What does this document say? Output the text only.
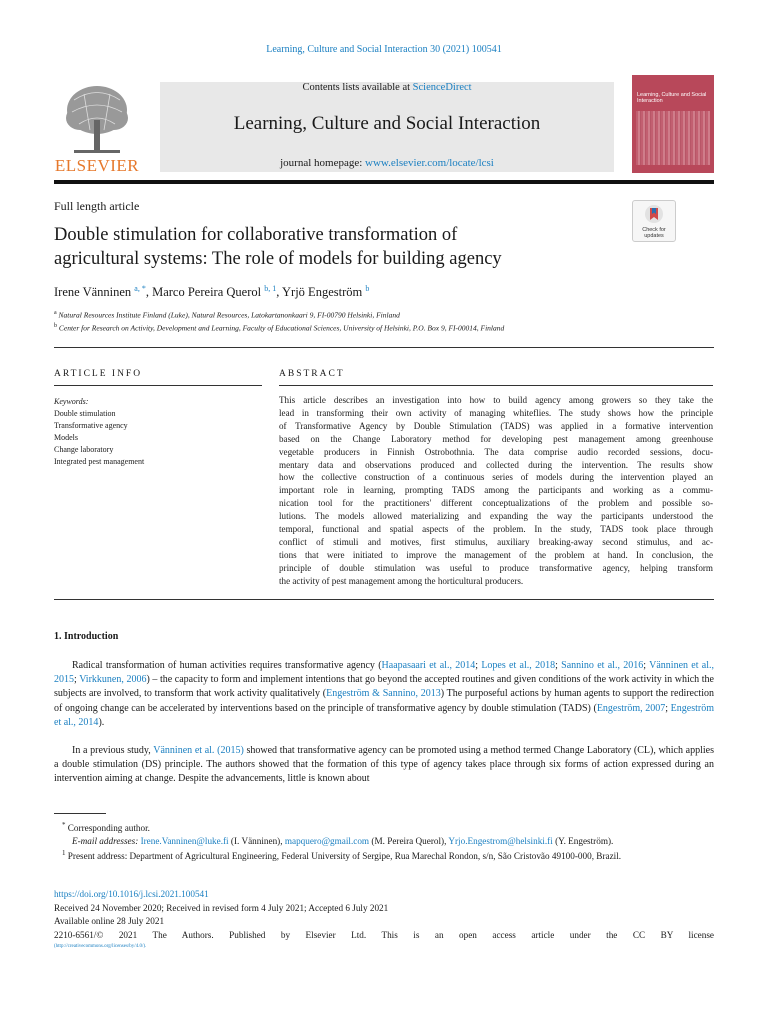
Learning, Culture and Social Interaction 30 (2021) 100541
ELSEVIER
Contents lists available at ScienceDirect
Learning, Culture and Social Interaction
journal homepage: www.elsevier.com/locate/lcsi
Learning, Culture and Social Interaction
Full length article
Check for
updates
Double stimulation for collaborative transformation of
agricultural systems: The role of models for building agency
Irene Vänninen $^{a, *}$, Marco Pereira Querol $^{b, 1}$, Yrjö Engeström $^b$
$^a$ Natural Resources Institute Finland (Luke), Natural Resources, Latokartanonkaari 9, FI-00790 Helsinki, Finland
$^b$ Center for Research on Activity, Development and Learning, Faculty of Educational Sciences, University of Helsinki, P.O. Box 9, FI-00014, Finland
ARTICLE INFO	ABSTRACT
Keywords:
Double stimulation
Transformative agency
Models
Change laboratory
Integrated pest management
This article describes an investigation into how to build agency among growers so they take the
lead in transforming their own activity of managing whiteflies. The study shows how the principle
of Transformative Agency by Double Stimulation (TADS) was applied in a formative intervention
based on the Change Laboratory method for developing pest management among greenhouse
vegetable producers in Finnish Ostrobothnia. The data comprise audio recorded sessions, docu-
mentary data and observations produced and collected during the intervention. The results show
how the collective construction of a continuous series of models during the intervention played an
important role in learning, prompting TADS among the participants and working as a commu-
nication tool for the practitioners' different conceptualizations of the problem and possible so-
lutions. The models allowed materializing and expanding the way the participants understood the
temporal, functional and spatial aspects of the problem. In the study, TADS took place through
conflict of stimuli and motives, first stimulus, auxiliary breaking-away second stimulus, and ac-
tions that were initiated to improve the management of the problem at hand. In conclusion, the
principle of double stimulation was useful to produce transformative agency, helping transform
the activity of pest management among the horticultural producers.
1. Introduction
Radical transformation of human activities requires transformative agency (Haapasaari et al., 2014; Lopes et al., 2018; Sannino et al., 2016; Vänninen et al., 2015; Virkkunen, 2006) – the capacity to form and implement intentions that go beyond the accepted routines and given conditions of the work activity in which the subjects are involved, to transform that work activity qualitatively (Engeström & Sannino, 2013) The purposeful actions by human agents to support the redirection of ongoing change can be accelerated by interventions based on the principle of transformative agency by double stimulation (TADS) (Engeström, 2007; Engeström et al., 2014).
In a previous study, Vänninen et al. (2015) showed that transformative agency can be promoted using a method termed Change Laboratory (CL), which applies a double stimulation (DS) principle. The authors showed that the formation of this type of agency takes place through six forms of action expressed during an intervention aiming at change. Despite the advancements, little is known about
* Corresponding author.
E-mail addresses: Irene.Vanninen@luke.fi (I. Vänninen), mapquero@gmail.com (M. Pereira Querol), Yrjo.Engestrom@helsinki.fi (Y. Engeström).
$^1$ Present address: Department of Agricultural Engineering, Federal University of Sergipe, Rua Marechal Rondon, s/n, São Cristovão 49100-000, Brazil.
https://doi.org/10.1016/j.lcsi.2021.100541
Received 24 November 2020; Received in revised form 4 July 2021; Accepted 6 July 2021
Available online 28 July 2021
2210-6561/© 2021 The Authors. Published by Elsevier Ltd. This is an open access article under the CC BY license
(http://creativecommons.org/licenses/by/4.0/).
